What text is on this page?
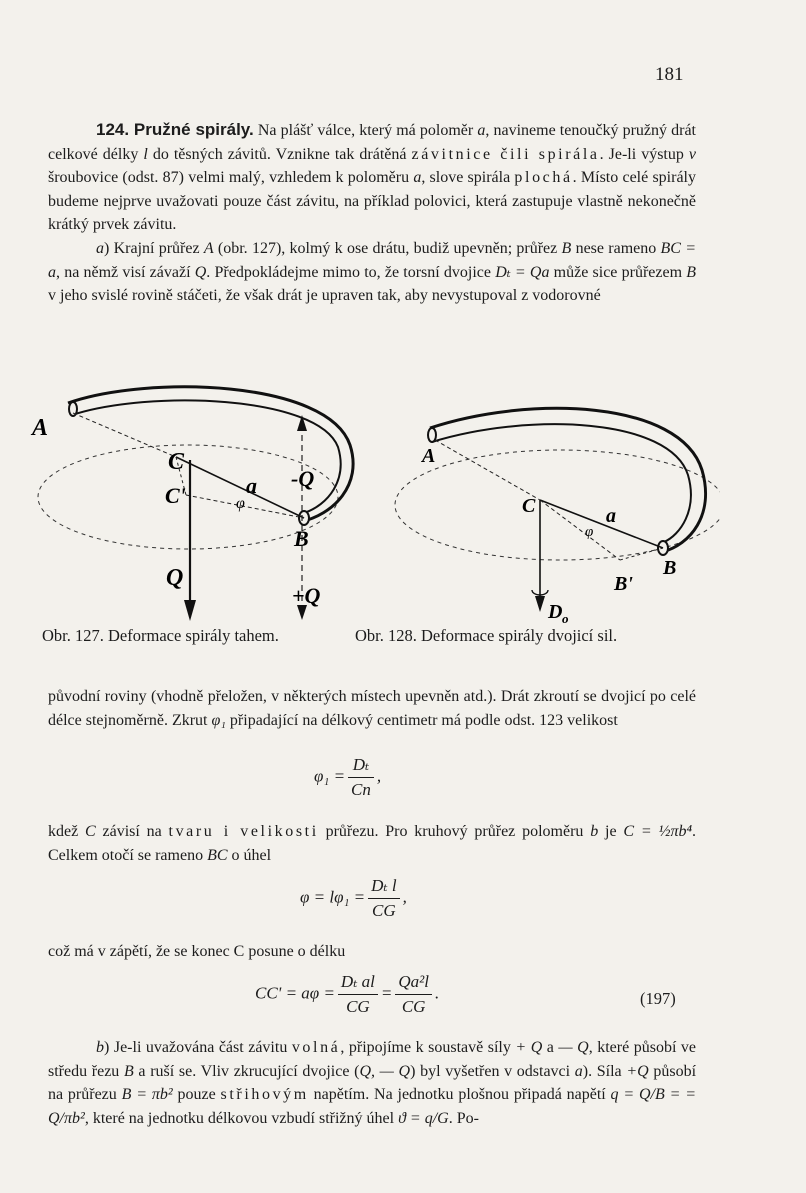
181

124. Pružné spirály. Na plášť válce, který má poloměr a, navineme tenoučký pružný drát celkové délky l do těsných závitů. Vznikne tak drátěná závitnice čili spirála. Je-li výstup v šroubovice (odst. 87) velmi malý, vzhledem k poloměru a, slove spirála plochá. Místo celé spirály budeme nejprve uvažovati pouze část závitu, na příklad polovici, která zastupuje vlastně nekonečně krátký prvek závitu.

a) Krajní průřez A (obr. 127), kolmý k ose drátu, budiž upevněn; průřez B nese rameno BC = a, na němž visí závaží Q. Předpokládejme mimo to, že torsní dvojice Dₜ = Qa může sice průřezem B v jeho svislé rovině stáčeti, že však drát je upraven tak, aby nevystupoval z vodorovné

A
C
C'	a
φ
B
Q
-Q
+Q
A
C	a
φ
B
B'
D o
Obr. 127. Deformace spirály tahem.	Obr. 128. Deformace spirály dvojicí sil.

původní roviny (vhodně přeložen, v některých místech upevněn atd.). Drát zkroutí se dvojicí po celé délce stejnoměrně. Zkrut φ₁ připadající na délkový centimetr má podle odst. 123 velikost

$\varphi_1 = \frac{\text{Dₜ}}{Cn}$ ,

kdež C závisí na tvaru i velikosti průřezu. Pro kruhový průřez poloměru b je C = ½πb⁴. Celkem otočí se rameno BC o úhel

$\varphi = l\varphi_1 = \frac{\text{Dₜ l}}{CG}$ ,

což má v zápětí, že se konec C posune o délku

$CC' = a\varphi = \frac{\text{Dₜ al}}{CG} = \frac{\text{Qa²l}}{CG}$ .	(197)

b) Je-li uvažována část závitu volná, připojíme k soustavě síly + Q a — Q, které působí ve středu řezu B a ruší se. Vliv zkrucující dvojice (Q, — Q) byl vyšetřen v odstavci a). Síla +Q působí na průřezu B = πb² pouze střihovým napětím. Na jednotku plošnou připadá napětí q = Q/B = = Q/πb², které na jednotku délkovou vzbudí střižný úhel ϑ = q/G. Po-
